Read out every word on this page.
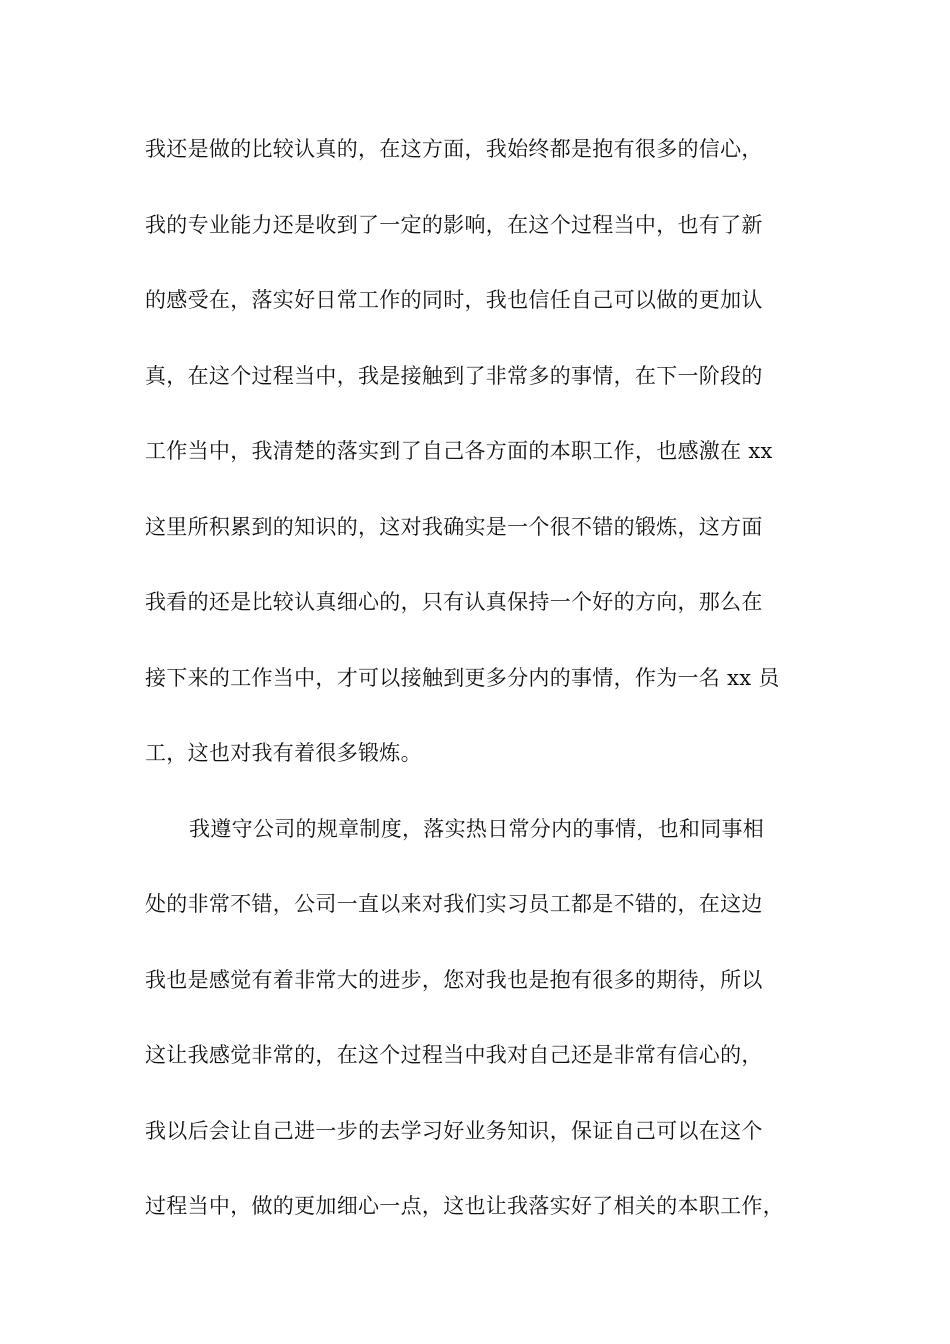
我还是做的比较认真的，在这方面，我始终都是抱有很多的信心，
我的专业能力还是收到了一定的影响，在这个过程当中，也有了新
的感受在，落实好日常工作的同时，我也信任自己可以做的更加认
真，在这个过程当中，我是接触到了非常多的事情，在下一阶段的
工作当中，我清楚的落实到了自己各方面的本职工作，也感激在 xx
这里所积累到的知识的，这对我确实是一个很不错的锻炼，这方面
我看的还是比较认真细心的，只有认真保持一个好的方向，那么在
接下来的工作当中，才可以接触到更多分内的事情，作为一名 xx 员
工，这也对我有着很多锻炼。
我遵守公司的规章制度，落实热日常分内的事情，也和同事相
处的非常不错，公司一直以来对我们实习员工都是不错的，在这边
我也是感觉有着非常大的进步，您对我也是抱有很多的期待，所以
这让我感觉非常的，在这个过程当中我对自己还是非常有信心的，
我以后会让自己进一步的去学习好业务知识，保证自己可以在这个
过程当中，做的更加细心一点，这也让我落实好了相关的本职工作，
